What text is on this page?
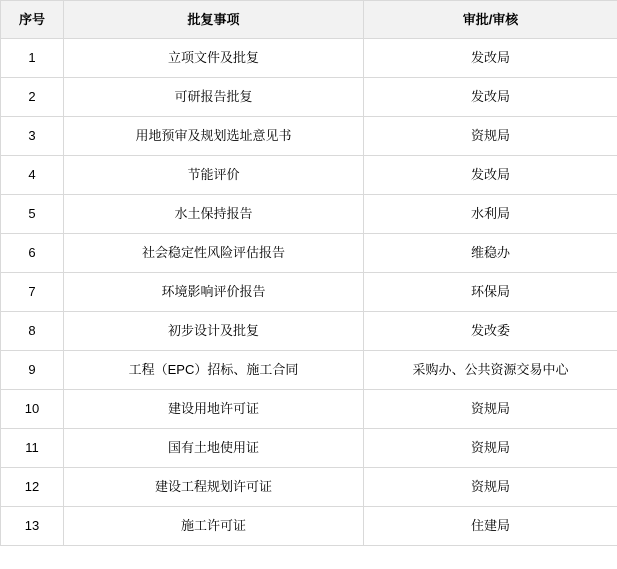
序号	批复事项	审批/审核
1	立项文件及批复	发改局
2	可研报告批复	发改局
3	用地预审及规划选址意见书	资规局
4	节能评价	发改局
5	水土保持报告	水利局
6	社会稳定性风险评估报告	维稳办
7	环境影响评价报告	环保局
8	初步设计及批复	发改委
9	工程（EPC）招标、施工合同	采购办、公共资源交易中心
10	建设用地许可证	资规局
11	国有土地使用证	资规局
12	建设工程规划许可证	资规局
13	施工许可证	住建局
